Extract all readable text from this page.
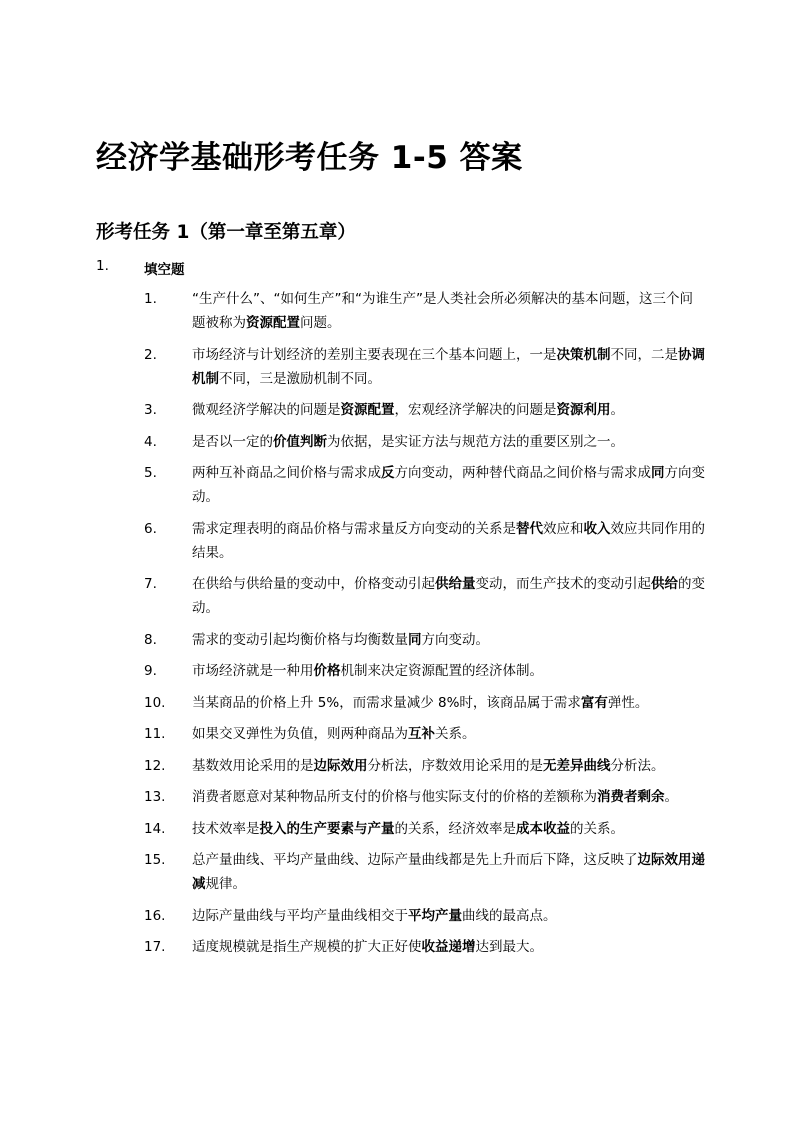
经济学基础形考任务 1-5 答案
形考任务 1（第一章至第五章）
1.	填空题
1.	“生产什么”、“如何生产”和“为谁生产”是人类社会所必须解决的基本问题，这三个问题被称为资源配置问题。
2.	市场经济与计划经济的差别主要表现在三个基本问题上，一是决策机制不同，二是协调机制不同，三是激励机制不同。
3.	微观经济学解决的问题是资源配置，宏观经济学解决的问题是资源利用。
4.	是否以一定的价值判断为依据，是实证方法与规范方法的重要区别之一。
5.	两种互补商品之间价格与需求成反方向变动，两种替代商品之间价格与需求成同方向变动。
6.	需求定理表明的商品价格与需求量反方向变动的关系是替代效应和收入效应共同作用的结果。
7.	在供给与供给量的变动中，价格变动引起供给量变动，而生产技术的变动引起供给的变动。
8.	需求的变动引起均衡价格与均衡数量同方向变动。
9.	市场经济就是一种用价格机制来决定资源配置的经济体制。
10. 当某商品的价格上升 5%，而需求量减少 8%时，该商品属于需求富有弹性。
11. 如果交叉弹性为负值，则两种商品为互补关系。
12. 基数效用论采用的是边际效用分析法，序数效用论采用的是无差异曲线分析法。
13. 消费者愿意对某种物品所支付的价格与他实际支付的价格的差额称为消费者剩余。
14. 技术效率是投入的生产要素与产量的关系，经济效率是成本收益的关系。
15. 总产量曲线、平均产量曲线、边际产量曲线都是先上升而后下降，这反映了边际效用递减规律。
16. 边际产量曲线与平均产量曲线相交于平均产量曲线的最高点。
17. 适度规模就是指生产规模的扩大正好使收益递增达到最大。
